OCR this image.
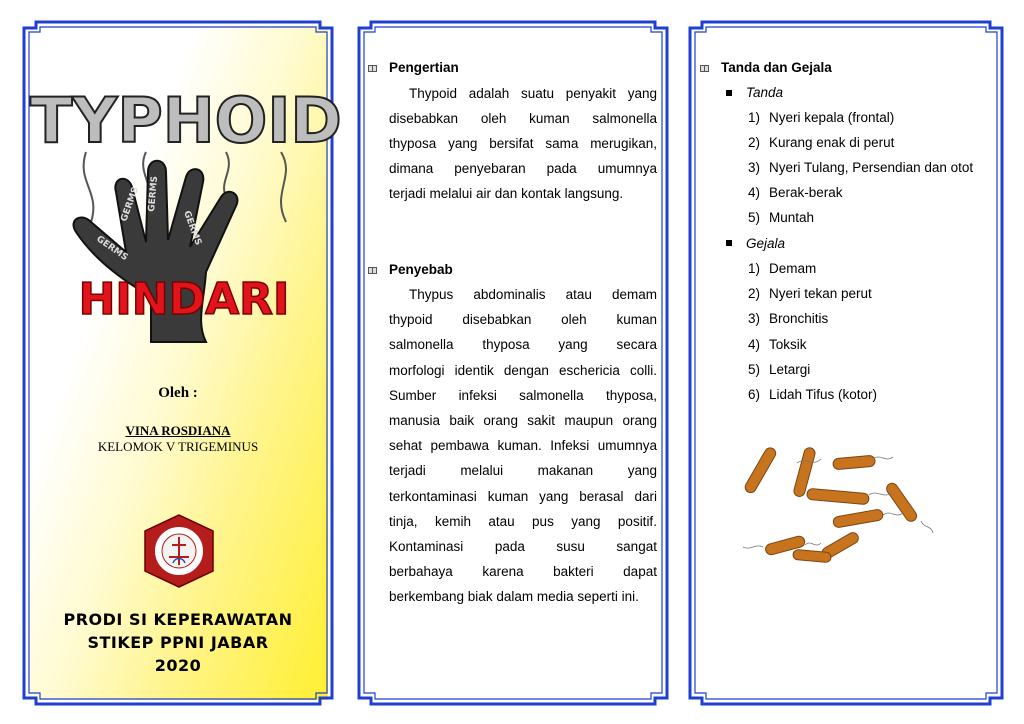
TYPHOID
GERMS GERMS
GERMS
GERMS
HINDARI
Oleh :
VINA ROSDIANA
KELOMOK V TRIGEMINUS
PRODI SI KEPERAWATAN
STIKEP PPNI JABAR
2020
Pengertian
Thypoid adalah suatu penyakit yang
disebabkan oleh kuman salmonella
thyposa yang bersifat sama merugikan,
dimana penyebaran pada umumnya
terjadi melalui air dan kontak langsung.
Penyebab
Thypus abdominalis atau demam
thypoid disebabkan oleh kuman
salmonella thyposa yang secara
morfologi identik dengan eschericia colli.
Sumber infeksi salmonella thyposa,
manusia baik orang sakit maupun orang
sehat pembawa kuman. Infeksi umumnya
terjadi	melalui	makanan	yang
terkontaminasi kuman yang berasal dari
tinja, kemih atau pus yang positif.
Kontaminasi pada susu sangat
berbahaya karena bakteri dapat
berkembang biak dalam media seperti ini.
Tanda dan Gejala
Tanda
1) Nyeri kepala (frontal)
2) Kurang enak di perut
3) Nyeri Tulang, Persendian dan otot
4) Berak-berak
5) Muntah
Gejala
1) Demam
2) Nyeri tekan perut
3) Bronchitis
4) Toksik
5) Letargi
6) Lidah Tifus (kotor)
